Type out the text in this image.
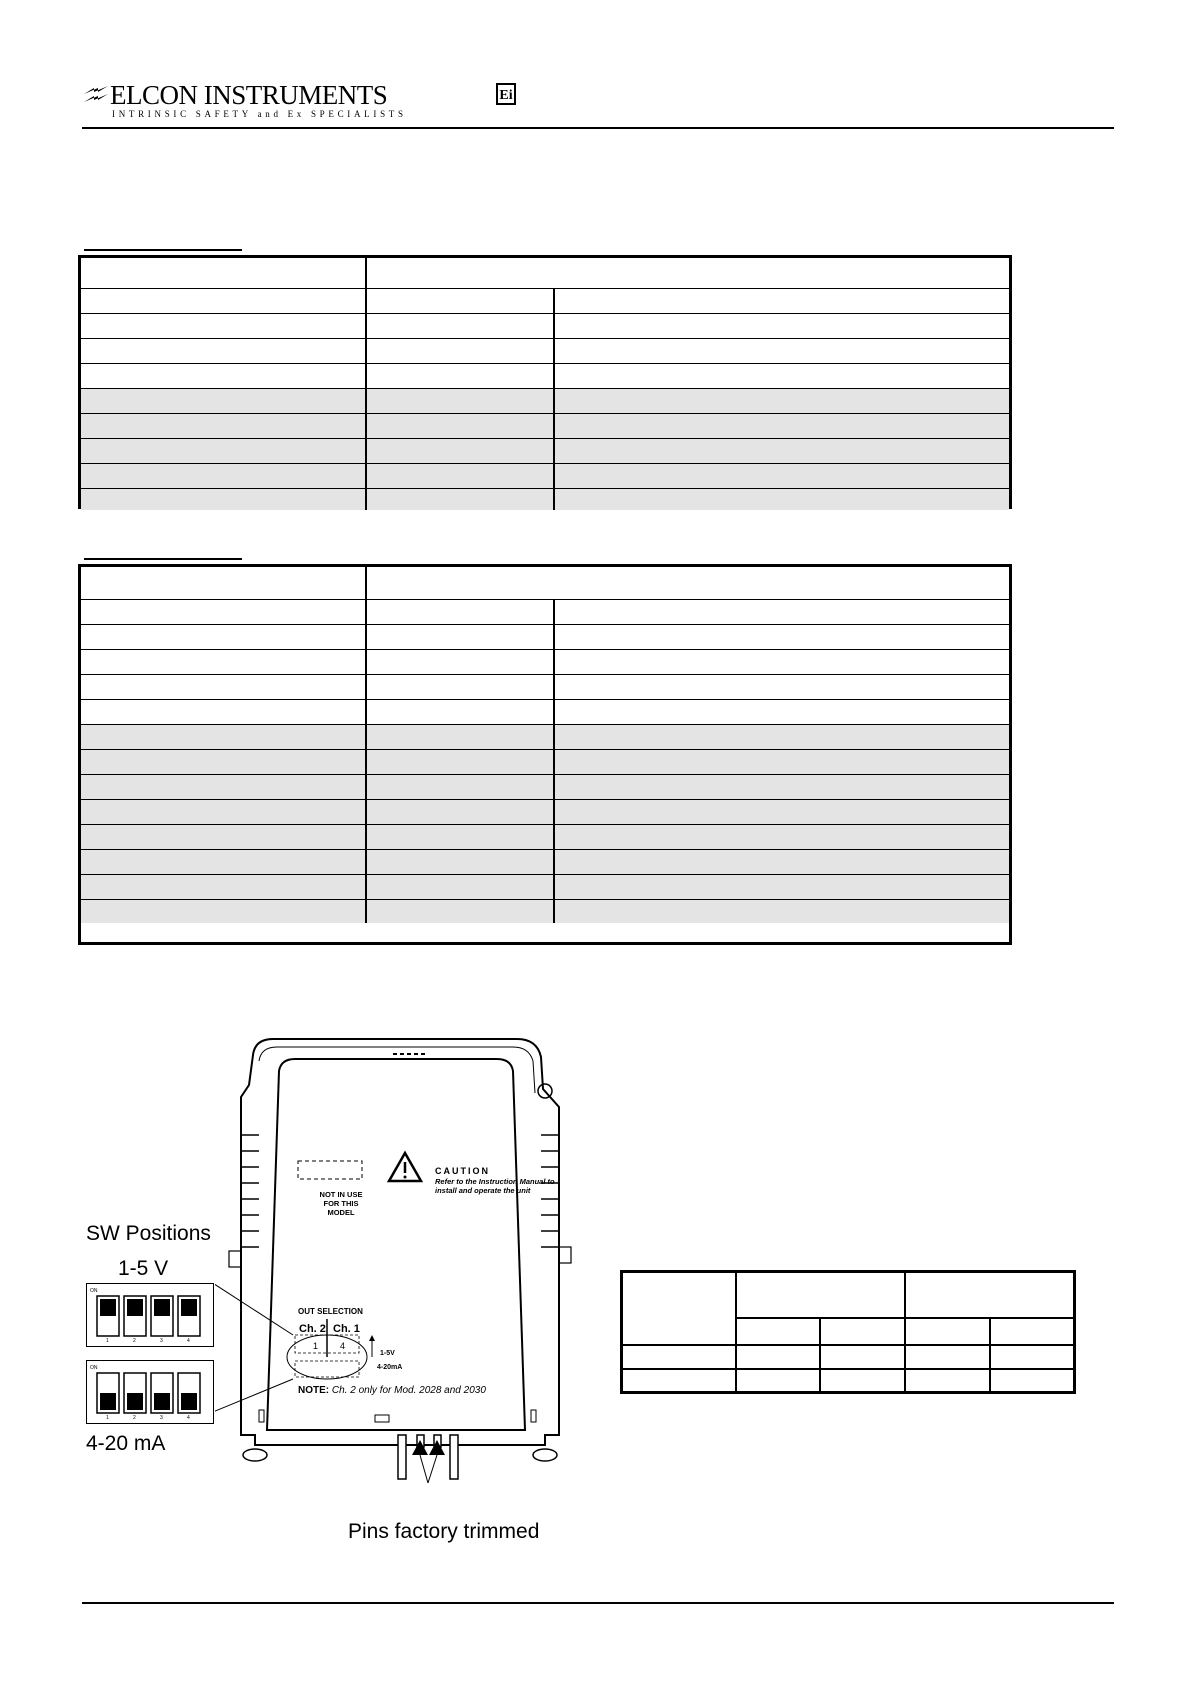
ELCON INSTRUMENTS	Ei
INTRINSIC SAFETY and Ex SPECIALISTS
ON
1	2	3	4
ON
1	2	3	4
SW Positions
1-5 V
4-20 mA
Pins factory trimmed
CAUTION
Refer to the Instruction Manual to install and operate the unit
NOT IN USE FOR THIS MODEL
OUT SELECTION
Ch. 2 Ch. 1
1 4
1-5V
4-20mA
NOTE: Ch. 2 only for Mod. 2028 and 2030
